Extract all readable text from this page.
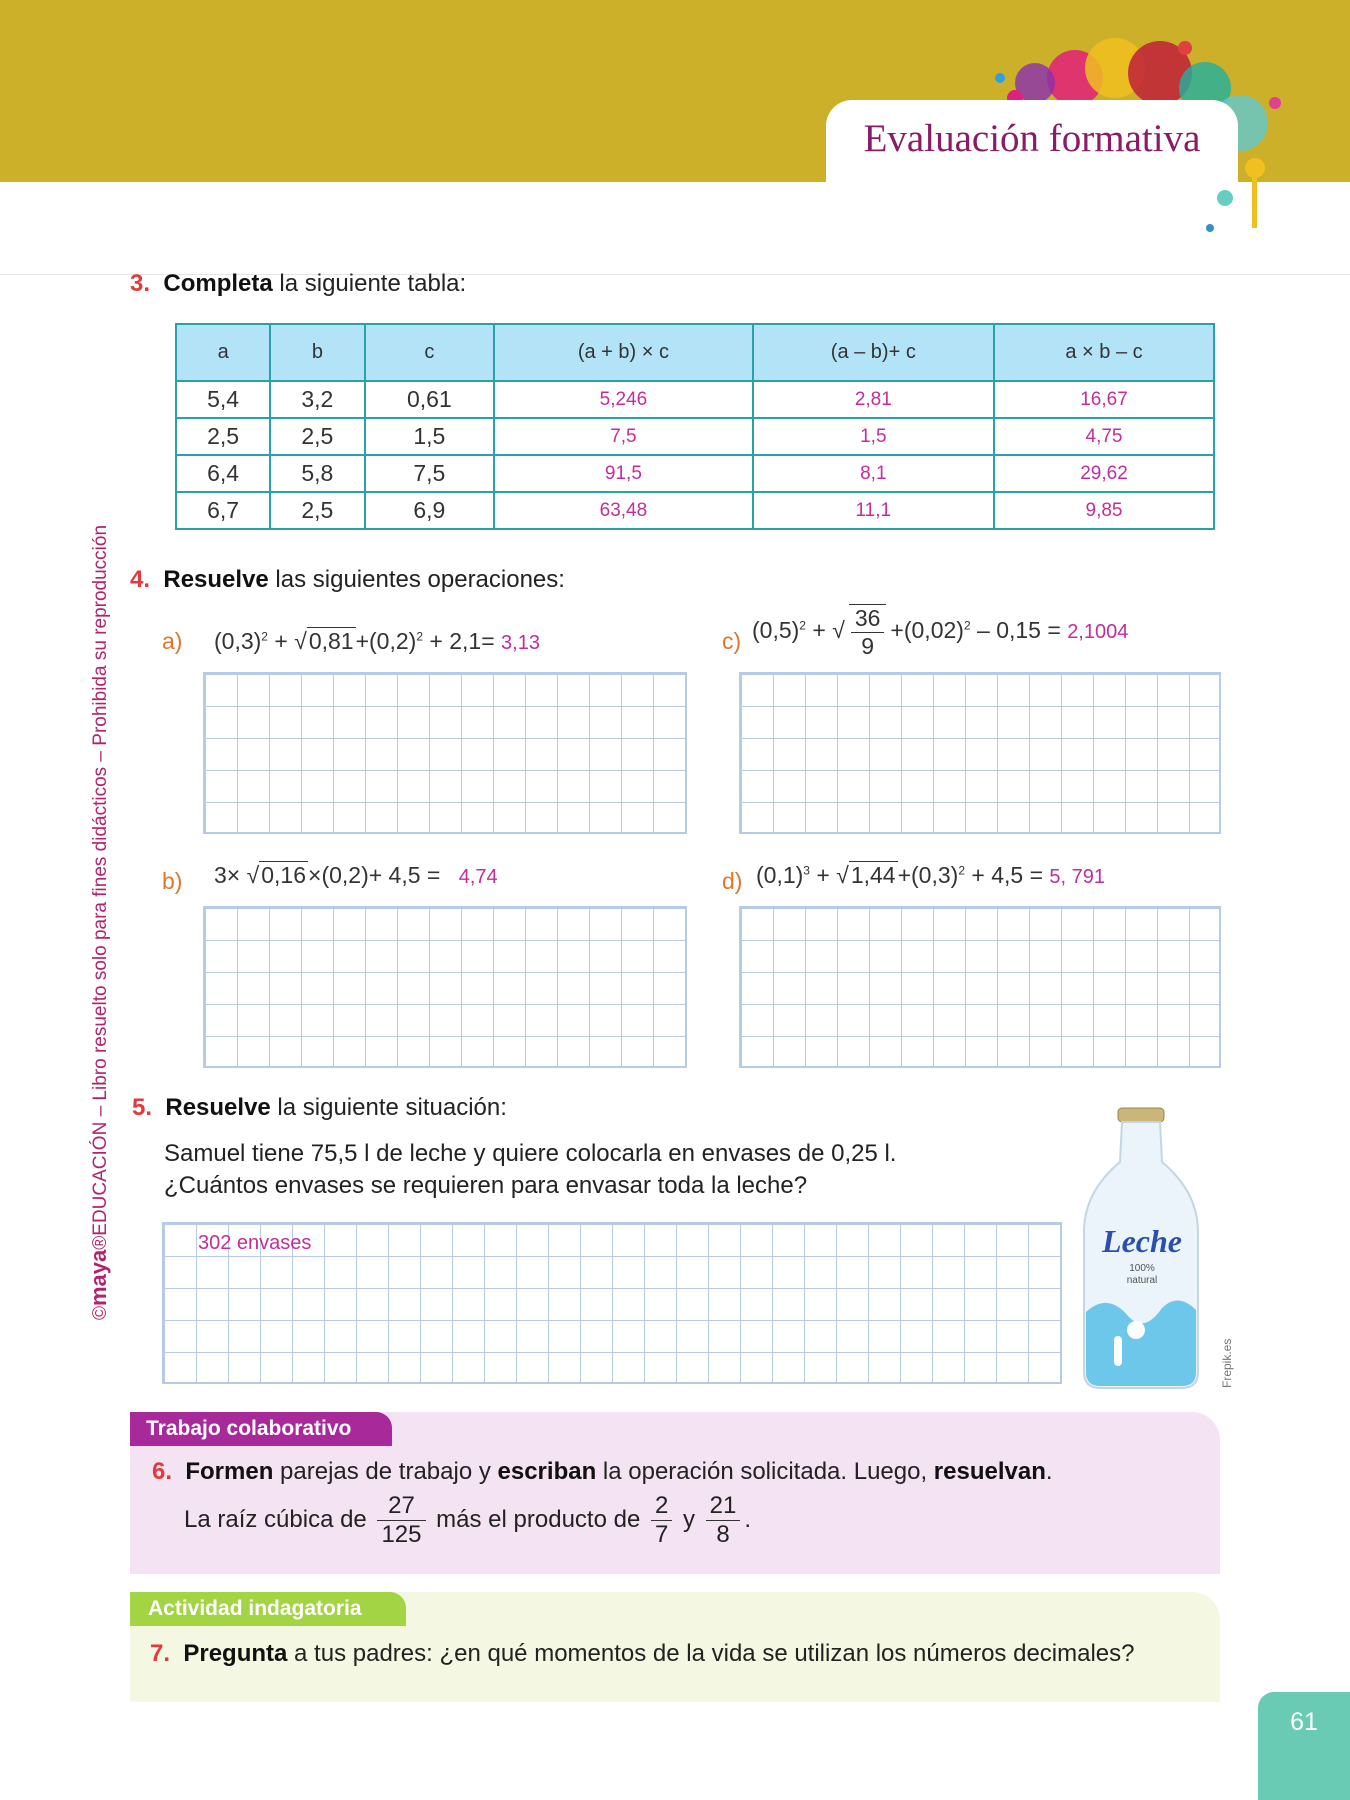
Evaluación formativa
©maya®EDUCACIÓN – Libro resuelto solo para fines didácticos – Prohibida su reproducción
3. Completa la siguiente tabla:
a	b	c	(a + b) × c	(a – b)+ c	a × b – c
5,4	3,2	0,61	5,246	2,81	16,67
2,5	2,5	1,5	7,5	1,5	4,75
6,4	5,8	7,5	91,5	8,1	29,62
6,7	2,5	6,9	63,48	11,1	9,85
4. Resuelve las siguientes operaciones:
a) $(0,3)^2 + √0,81+(0,2)^2 + 2,1= 3,13$	c) $(0,5)^2$ + √ $\frac{36}{9} +(0,02)^2 - 0,15 = 2,1004$
b) 3× √0,16×(0,2)+ 4,5 = 4,74	d) $(0,1)^3 + √1,44+(0,3)^2 + 4,5 = 5$, 791
5. Resuelve la siguiente situación:
Samuel tiene 75,5 l de leche y quiere colocarla en envases de 0,25 l.
¿Cuántos envases se requieren para envasar toda la leche?
302 envases	Leche
100%
natural
Frepik.es
Trabajo colaborativo
6. Formen parejas de trabajo y escriban la operación solicitada. Luego, resuelvan.
La raíz cúbica de $\frac{27}{125}$ más el producto de $\frac{2}{7}$ y $\frac{21}{8}$ .
Actividad indagatoria
7. Pregunta a tus padres: ¿en qué momentos de la vida se utilizan los números decimales?
61
